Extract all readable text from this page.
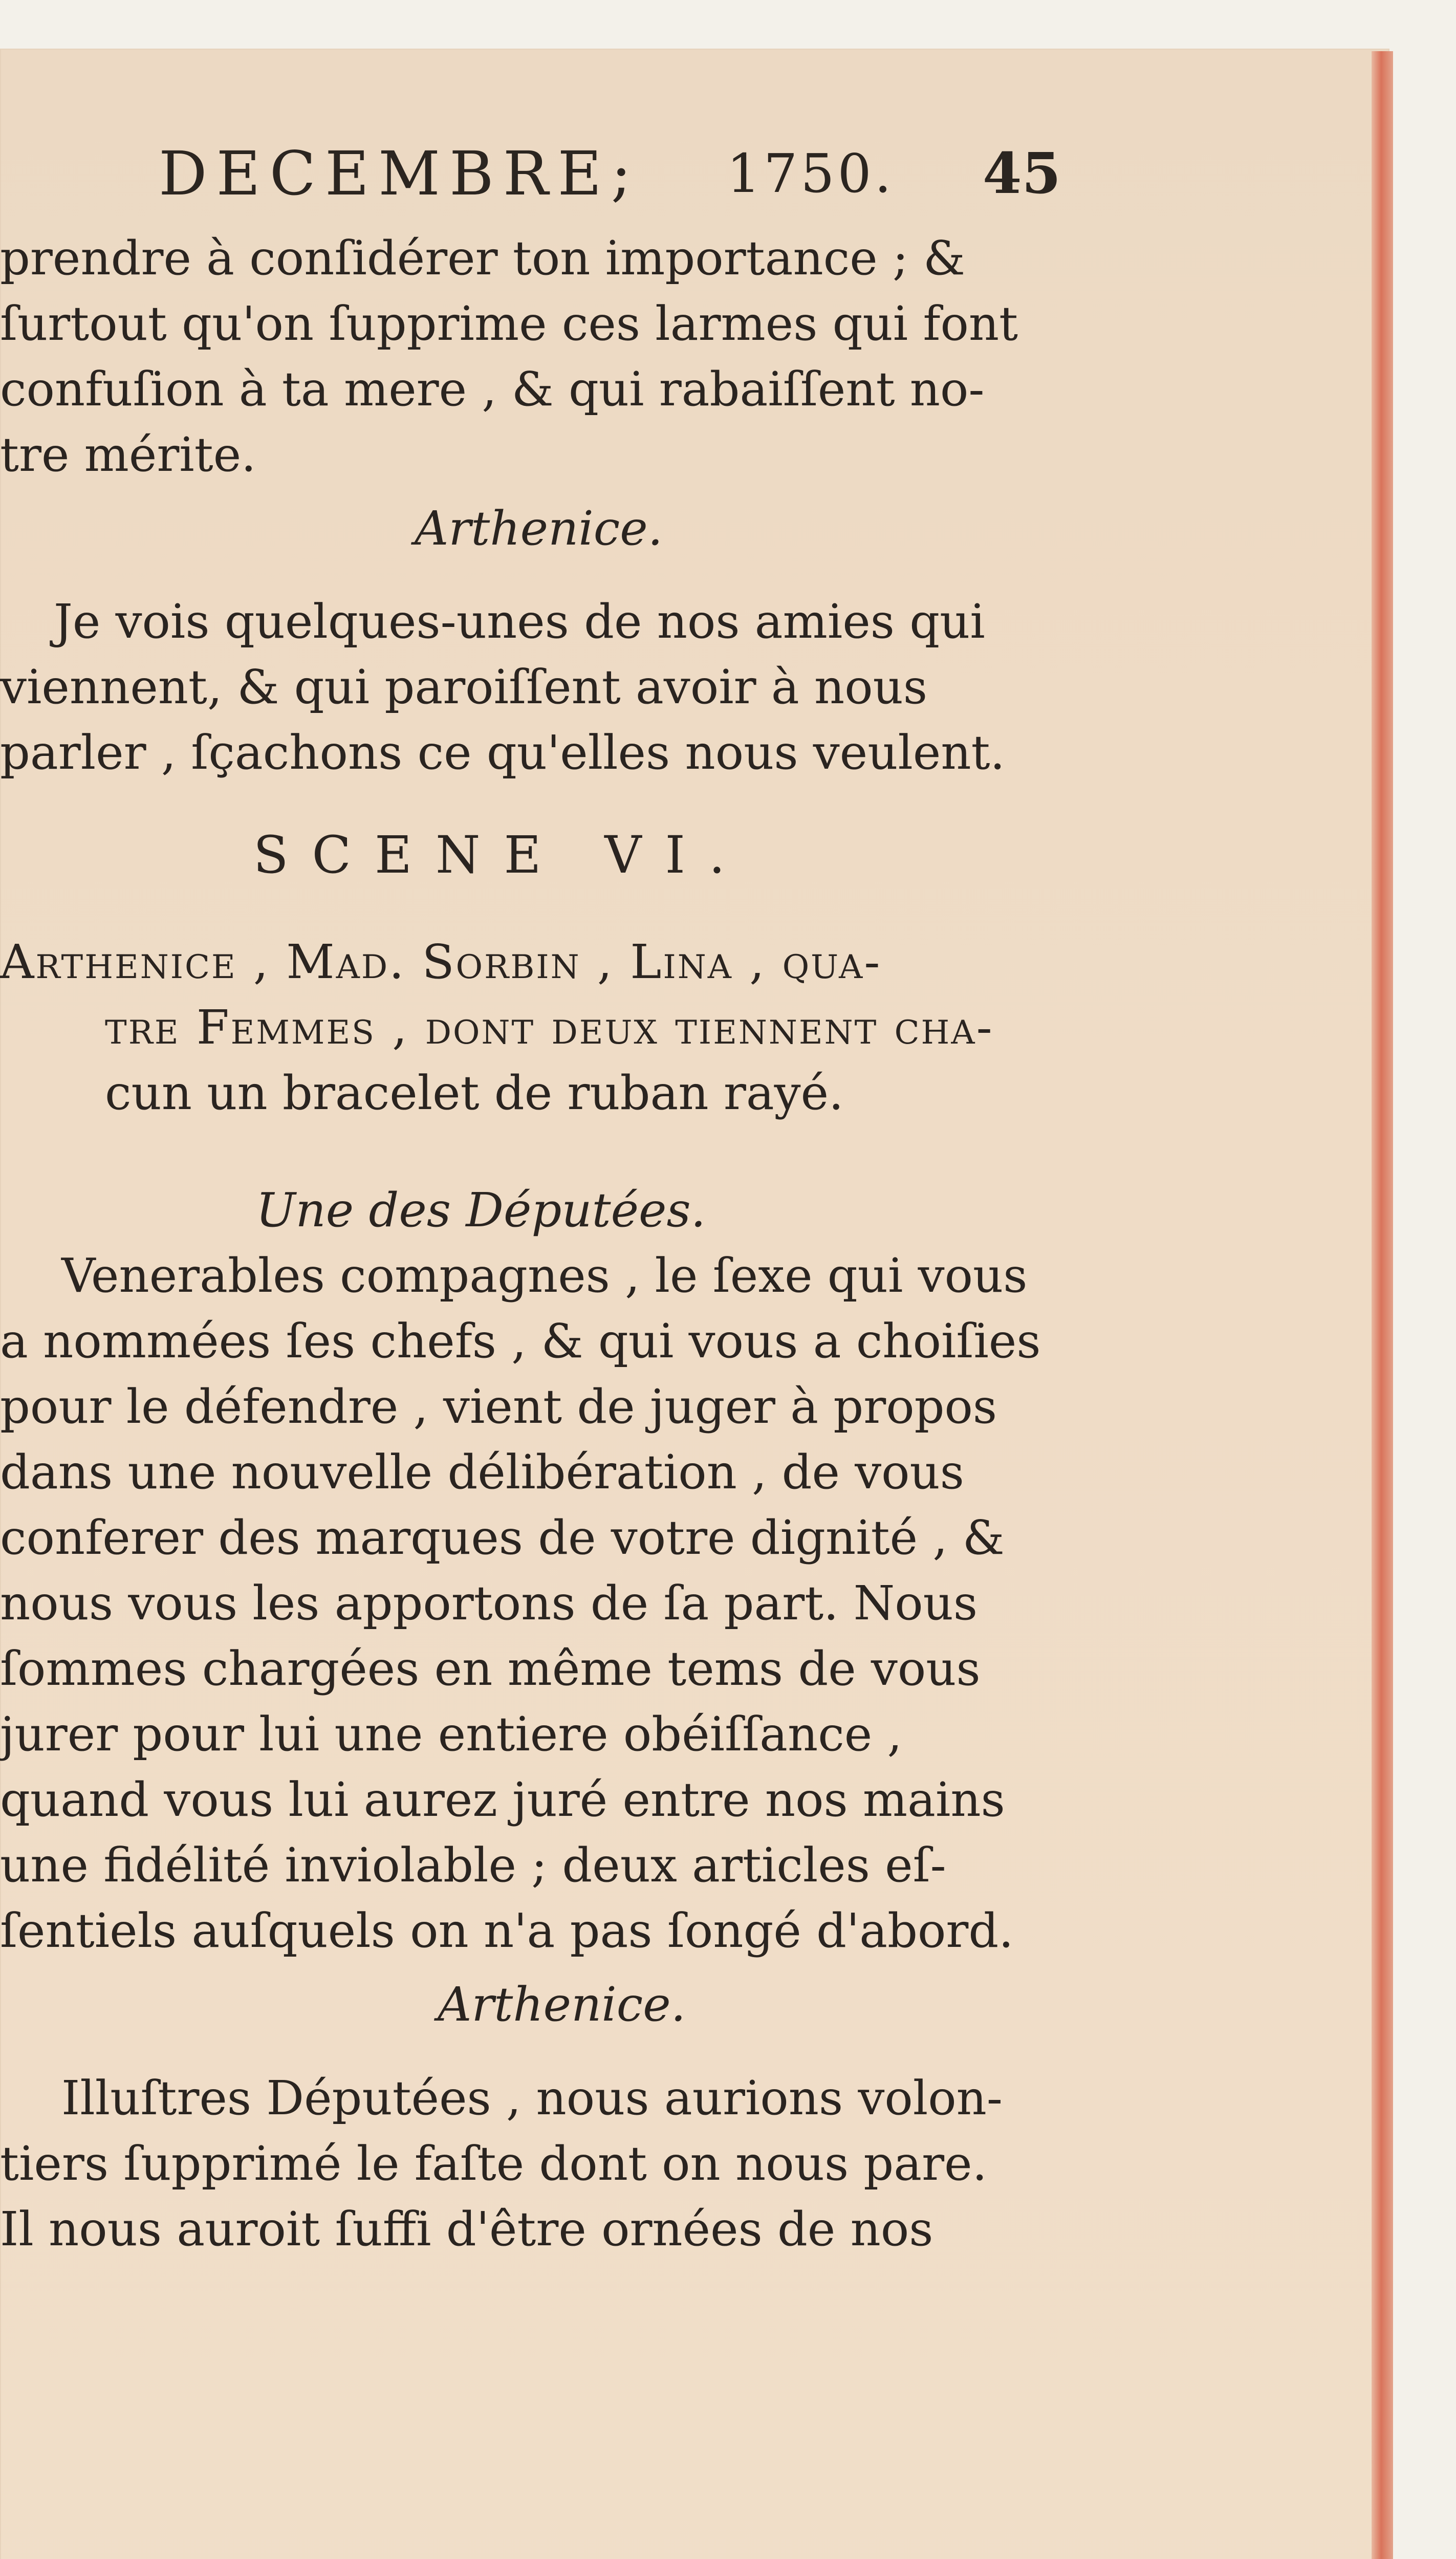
DECEMBRE; 1750. 45
prendre à conſidérer ton importance ; &
ſurtout qu'on ſupprime ces larmes qui font
confuſion à ta mere , & qui rabaiſſent no-
tre mérite.
Arthenice.
Je vois quelques-unes de nos amies qui
viennent, & qui paroiſſent avoir à nous
parler , ſçachons ce qu'elles nous veulent.
SCENE VI.
Arthenice , Mad. Sorbin , Lina , qua-
tre Femmes , dont deux tiennent cha-
cun un bracelet de ruban rayé.
Une des Députées.
Venerables compagnes , le ſexe qui vous
a nommées ſes chefs , & qui vous a choiſies
pour le défendre , vient de juger à propos
dans une nouvelle délibération , de vous
conferer des marques de votre dignité , &
nous vous les apportons de ſa part. Nous
ſommes chargées en même tems de vous
jurer pour lui une entiere obéiſſance ,
quand vous lui aurez juré entre nos mains
une fidélité inviolable ; deux articles eſ-
ſentiels auſquels on n'a pas ſongé d'abord.
Arthenice.
Illuſtres Députées , nous aurions volon-
tiers ſupprimé le faſte dont on nous pare.
Il nous auroit ſuffi d'être ornées de nos
